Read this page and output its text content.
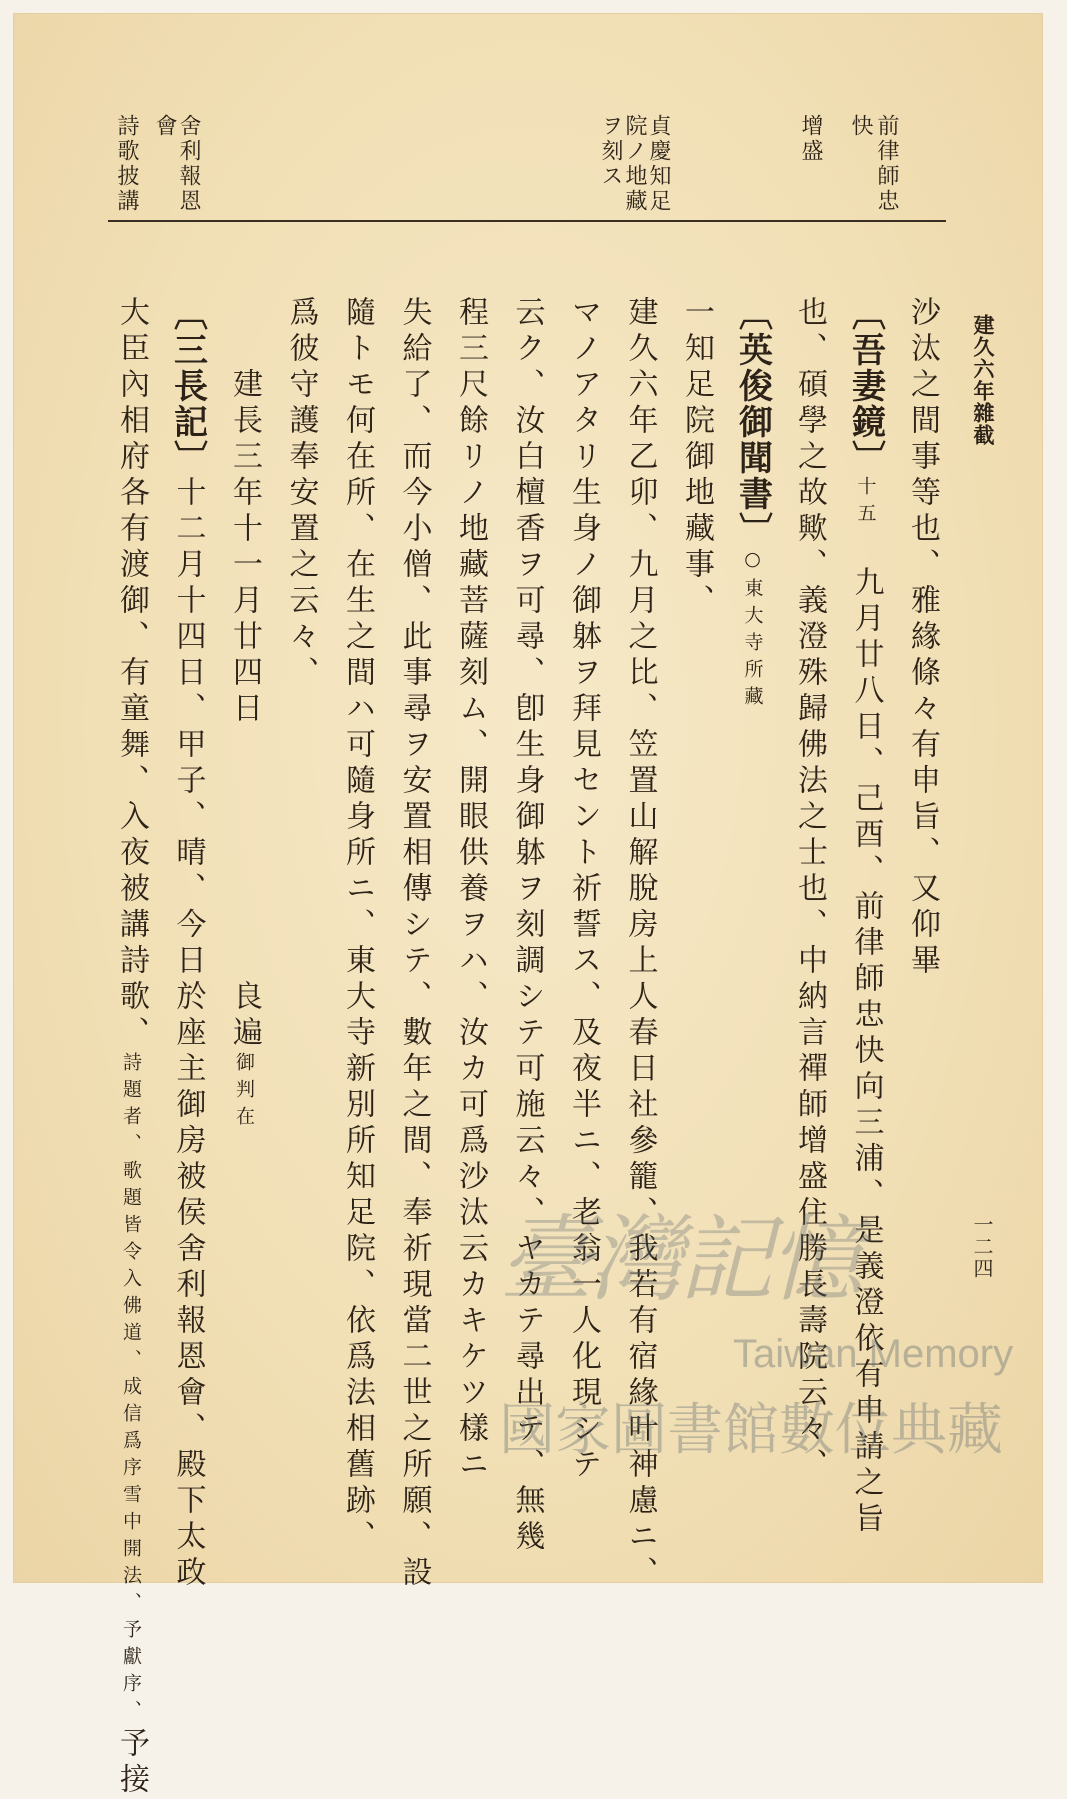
建久六年雜截
一二四
前律師忠
快
增盛
貞慶知足
院ノ地藏
ヲ刻ス
舍利報恩
會
詩歌披講
沙汰之間事等也、雅緣條々有申旨、又仰畢
〔吾妻鏡〕十五　九月廿八日、己酉、前律師忠快向三浦、是義澄依有申請之旨
也、碩學之故歟、義澄殊歸佛法之士也、中納言禪師增盛住勝長壽院云々、
〔英俊御聞書〕○東大寺所藏
一知足院御地藏事、
建久六年乙卯、九月之比、笠置山解脫房上人春日社參籠、我若有宿緣叶神慮ニ、
マノアタリ生身ノ御躰ヲ拜見セント祈誓ス、及夜半ニ、老翁一人化現シテ
云ク、汝白檀香ヲ可尋、卽生身御躰ヲ刻調シテ可施云々、ヤカテ尋出テ、無幾
程三尺餘リノ地藏菩薩刻ム、開眼供養ヲハ、汝カ可爲沙汰云カキケツ樣ニ
失給了、而今小僧、此事尋ヲ安置相傳シテ、數年之間、奉祈現當二世之所願、設
隨トモ何在所、在生之間ハ可隨身所ニ、東大寺新別所知足院、依爲法相舊跡、
爲彼守護奉安置之云々、
　　建長三年十一月廿四日　　　　　　　良遍御判在
〔三長記〕十二月十四日、甲子、晴、今日於座主御房被侯舍利報恩會、殿下太政
大臣內相府各有渡御、有童舞、入夜被講詩歌、詩題者、歌題皆令入佛道、成信爲序雪中開法、予獻序、予接
臺灣記憶
Taiwan Memory
國家圖書館數位典藏
